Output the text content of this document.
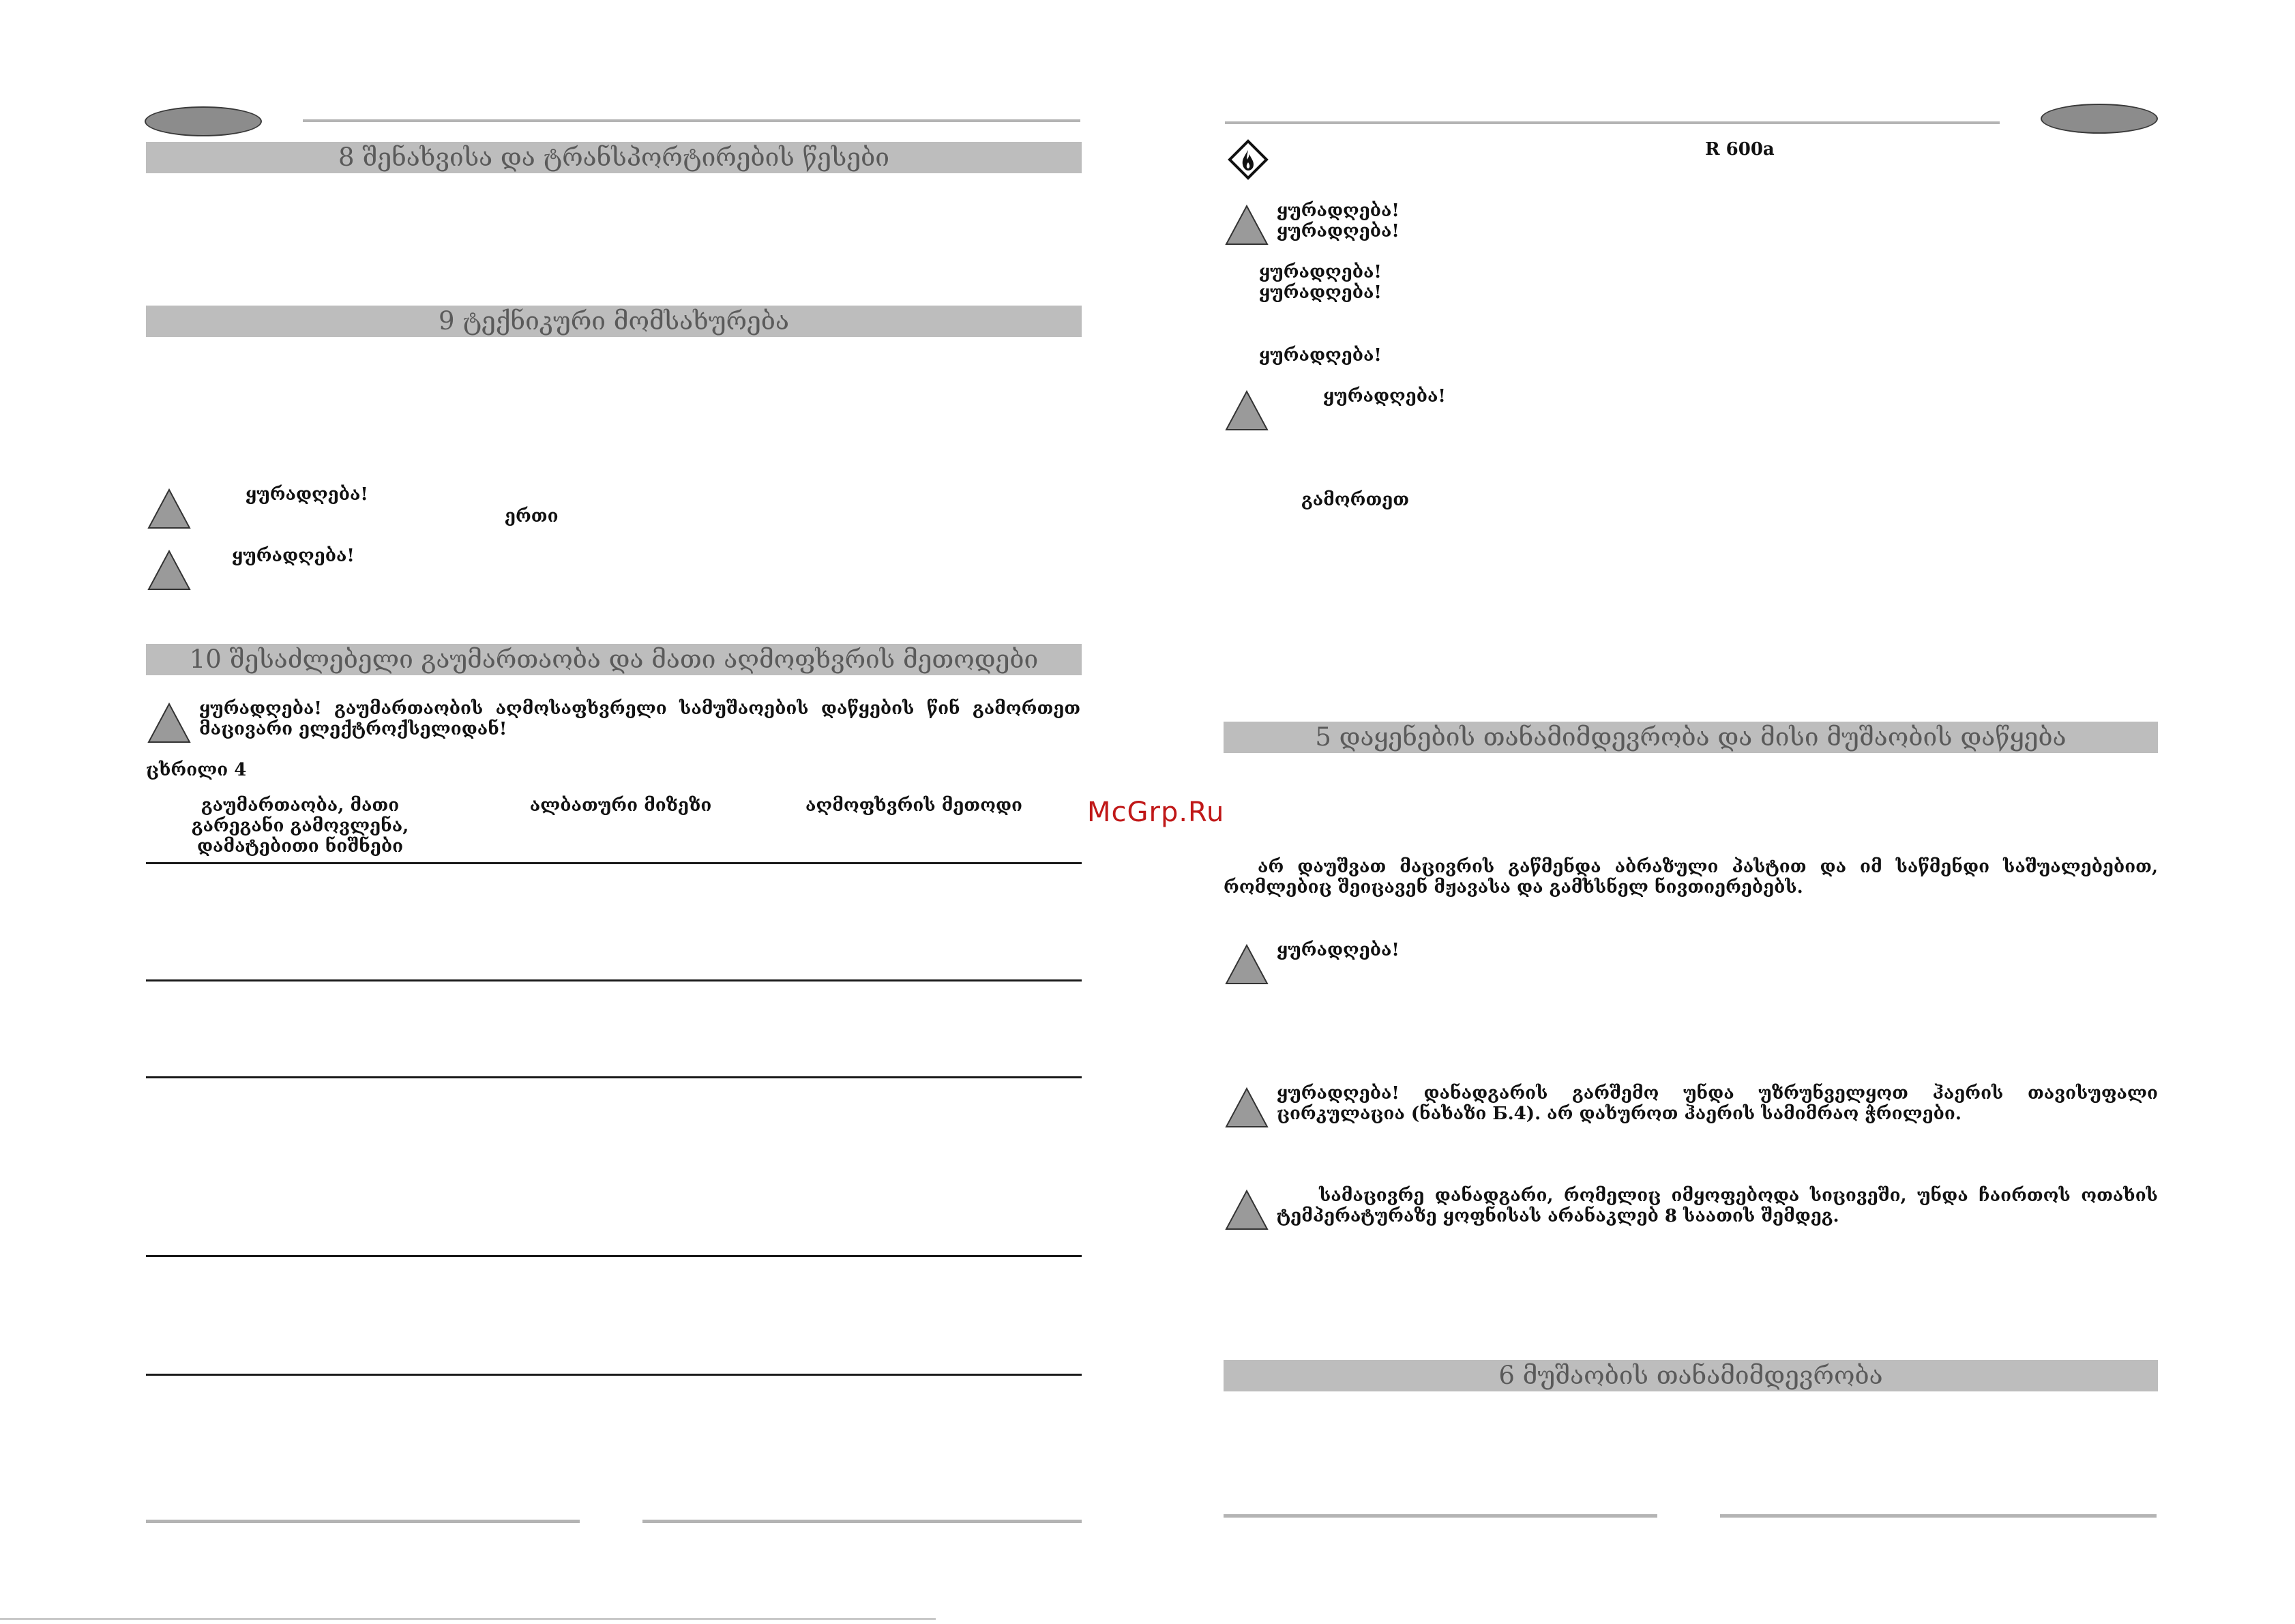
8 შენახვისა და ტრანსპორტირების წესები
9 ტექნიკური მომსახურება
ყურადღება!
ერთი
ყურადღება!
10 შესაძლებელი გაუმართაობა და მათი აღმოფხვრის მეთოდები
ყურადღება! გაუმართაობის აღმოსაფხვრელი სამუშაოების დაწყების წინ გამორთეთ მაცივარი ელექტროქსელიდან!
ცხრილი 4
გაუმართაობა, მათი გარეგანი გამოვლენა, დამატებითი ნიშნები
ალბათური მიზეზი	აღმოფხვრის მეთოდი	McGrp.Ru
R 600a
ყურადღება!
ყურადღება!
ყურადღება!
ყურადღება!
ყურადღება!
ყურადღება!
გამორთეთ
5 დაყენების თანამიმდევრობა და მისი მუშაობის დაწყება
არ დაუშვათ მაცივრის გაწმენდა აბრაზული პასტით და იმ საწმენდი საშუალებებით, რომლებიც შეიცავენ მჟავასა და გამხსნელ ნივთიერებებს.
ყურადღება!
ყურადღება! დანადგარის გარშემო უნდა უზრუნველყოთ ჰაერის თავისუფალი ცირკულაცია (ნახაზი Б.4). არ დახუროთ ჰაერის სამიმრაო ჭრილები.
სამაცივრე დანადგარი, რომელიც იმყოფებოდა სიცივეში, უნდა ჩაირთოს ოთახის ტემპერატურაზე ყოფნისას არანაკლებ 8 საათის შემდეგ.
6 მუშაობის თანამიმდევრობა
